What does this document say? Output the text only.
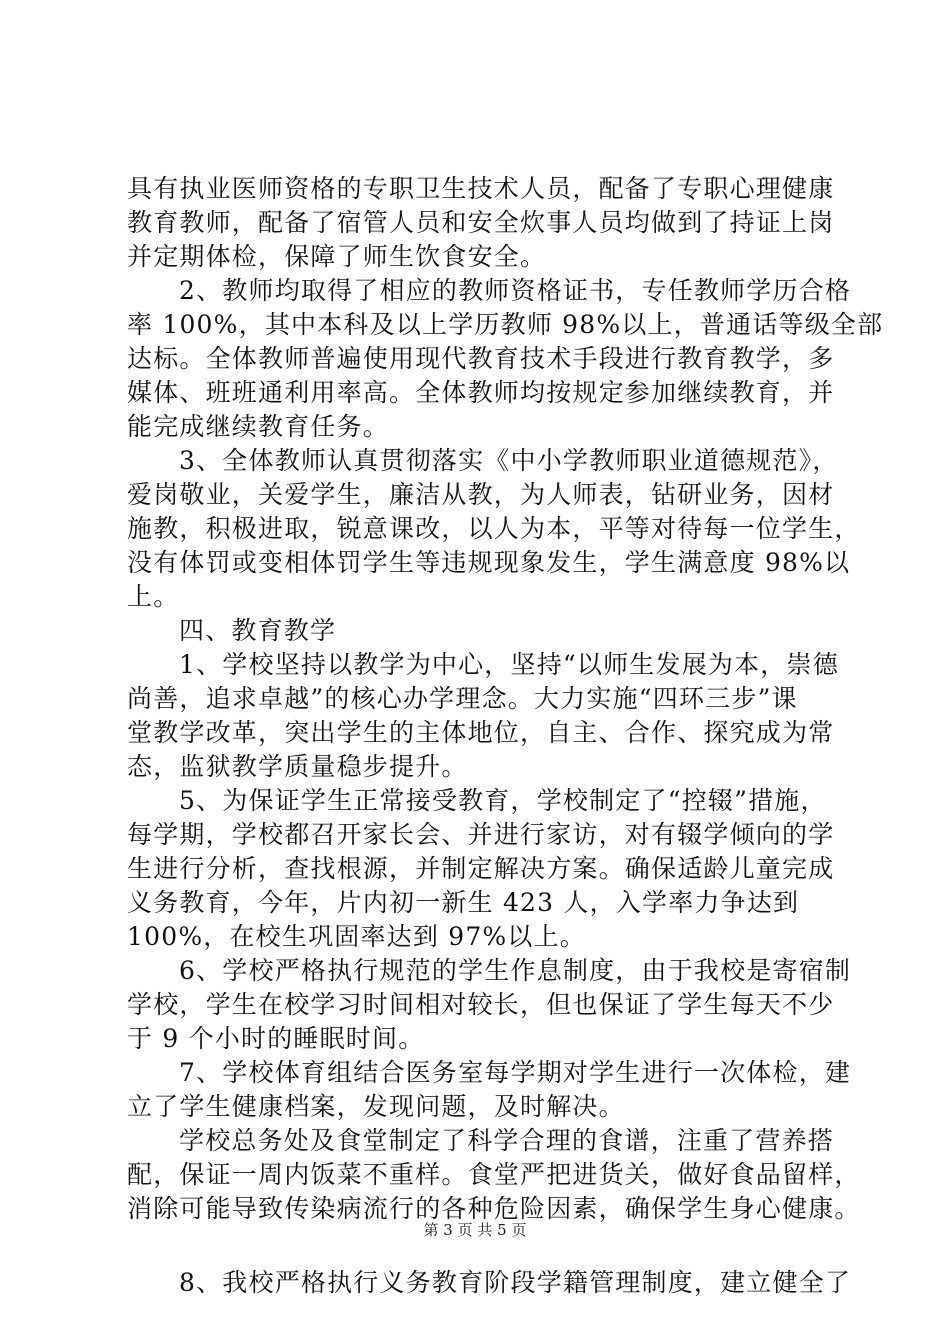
具有执业医师资格的专职卫生技术人员，配备了专职心理健康
教育教师，配备了宿管人员和安全炊事人员均做到了持证上岗
并定期体检，保障了师生饮食安全。
2、教师均取得了相应的教师资格证书，专任教师学历合格
率 100%，其中本科及以上学历教师 98%以上，普通话等级全部
达标。全体教师普遍使用现代教育技术手段进行教育教学，多
媒体、班班通利用率高。全体教师均按规定参加继续教育，并
能完成继续教育任务。
3、全体教师认真贯彻落实《中小学教师职业道德规范》，
爱岗敬业，关爱学生，廉洁从教，为人师表，钻研业务，因材
施教，积极进取，锐意课改，以人为本，平等对待每一位学生，
没有体罚或变相体罚学生等违规现象发生，学生满意度 98%以
上。
四、教育教学
1、学校坚持以教学为中心，坚持“以师生发展为本，崇德
尚善，追求卓越”的核心办学理念。大力实施“四环三步”课
堂教学改革，突出学生的主体地位，自主、合作、探究成为常
态，监狱教学质量稳步提升。
5、为保证学生正常接受教育，学校制定了“控辍”措施，
每学期，学校都召开家长会、并进行家访，对有辍学倾向的学
生进行分析，查找根源，并制定解决方案。确保适龄儿童完成
义务教育，今年，片内初一新生 423 人，入学率力争达到
100%，在校生巩固率达到 97%以上。
6、学校严格执行规范的学生作息制度，由于我校是寄宿制
学校，学生在校学习时间相对较长，但也保证了学生每天不少
于 9 个小时的睡眠时间。
7、学校体育组结合医务室每学期对学生进行一次体检，建
立了学生健康档案，发现问题，及时解决。
学校总务处及食堂制定了科学合理的食谱，注重了营养搭
配，保证一周内饭菜不重样。食堂严把进货关，做好食品留样，
消除可能导致传染病流行的各种危险因素，确保学生身心健康。
8、我校严格执行义务教育阶段学籍管理制度，建立健全了
第 3 页 共 5 页
